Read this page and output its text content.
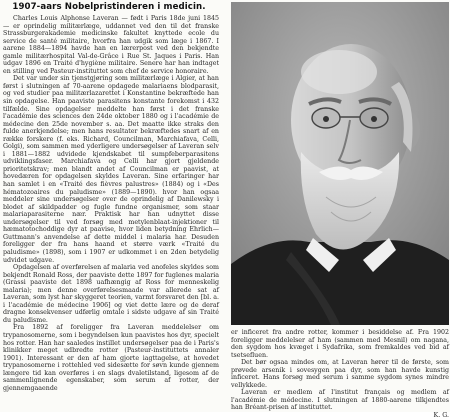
1907-aars Nobelpristinderen i medicin.

Charles Louis Alphonse Laveran — født i Paris 18de juni 1845 — er oprindelig militærlæge, uddannet ved den til det franske Strassburgerakademie medicinske fakultet knyttede ecole du service de santé militaire, hvorfra han udgik som læge i 1867. I aarene 1884—1894 havde han en lærerpost ved den bekjendte gamle militærhospital Val-de-Grâce i Rue St. Jaques i Paris. Han udgav 1896 en Traité d'hygiène militaire. Senere har han indtaget en stilling ved Pasteur-instituttet som chef de service honoraire.

Det var under sin tjenstgjøring som militærlæge i Algier, at han først i slutningen af 70-aarene opdagede malariaens blodparasit, og ved studier paa militærlazarettet i Konstantine bekræftede han sin opdagelse. Han paaviste parasitens konstante forekomst i 432 tilfælde. Sine opdagelser meddelte han først i det franske l'académie des sciences den 24de oktober 1880 og i l'académie de médecine den 25de november s. aa. Det maatte ikke straks den fulde anerkjendelse; men hans resultater bekræftedes snart af en række forskere (f. eks. Richard, Councilman, Marchiafava, Celli, Golgi), som sammen med yderligere undersøgelser af Laveran selv i 1881—1882 udvidede kjendskabet til sumpfeberparasitens udviklingsfaser. Marchiafava og Celli har gjort gjeldende prioritetskrav; men blandt andet af Councilman er paavist, at hovedæren for opdagelsen skyldes Laveran. Sine erfaringer har han samlet i en «Traité des fièvres palustres» (1884) og i «Des hématozoaires du paludisme» (1889—1890). hvor han ogsaa meddeler sine undersøgelser over de oprindelig af Danilewsky i blodet af skildpadder og fugle fundne organismer, som staar malariaparasiterne nær. Praktisk har han udnyttet disse undersøgelser til ved forsøg med metylenblaat-injektioner til hæmatotochoddige dyr at paavise, hvor liden betydning Ehrlich—Guttmann's anvendelse af dette middel i malaria har. Desuden foreligger der fra hans haand et større værk «Traité du paludisme» (1898), som i 1907 er udkommet i en 2den betydelig udvidet udgave.

Opdagelsen af overførelsen af malaria ved anofeles skyldes som bekjendt Ronald Ross, der paaviste dette 1897 for fuglenes malaria (Grassi paaviste det 1898 uafhængig af Ross for menneskelig malaria); men denne overførelsesmaade var allerede sat af Laveran, som lyst har skyggeret teorien, varmt forsvaret den [bl. a. i l'académie de médecine 1906] og viet dette lære og de deraf dragne konsekvenser udførlig omtale i sidste udgave af sin Traité du paludisme.

Fra 1892 af foreligger fra Laveran meddelelser om trypanosomerne, som i begyndelsen kun paavistes hos dyr, specielt hos rotter. Han har saaledes instillet undersøgelser paa de i Paris's klinikker meget udbredte rotter (Pasteur-instituttets annaler 1901). Interessant er den af ham gjorte iagttagelse, at hovedet trypanosomerne i rottehled ved sidesætte for søvn kunde gjennem længere tid kan overføres i en slags dvaletilstand, ligesom af de sammenlignende egenskaber, som serum af rotter, der gjennemgaaende

er inficeret fra andre rotter, kommer i besiddelse af. Fra 1902 foreligger meddelelser af ham (sammen med Mesnil) om nagana, den sygdom hos kvæget i Sydafrika, som fremkaldes ved bid af tsetsefluen.

Det bør ogsaa mindes om, at Laveran hører til de første, som prøvede arsenik i sovesygen paa dyr, som han havde kunstig inficeret. Hans forsøg med serum i samme sygdom synes mindre vellykkede.

Laveran er medlem af l'institut français og medlem af l'académie de médecine. I slutningen af 1880-aarene tilkjendtes han Bréant-prisen af instituttet.

K. G.
